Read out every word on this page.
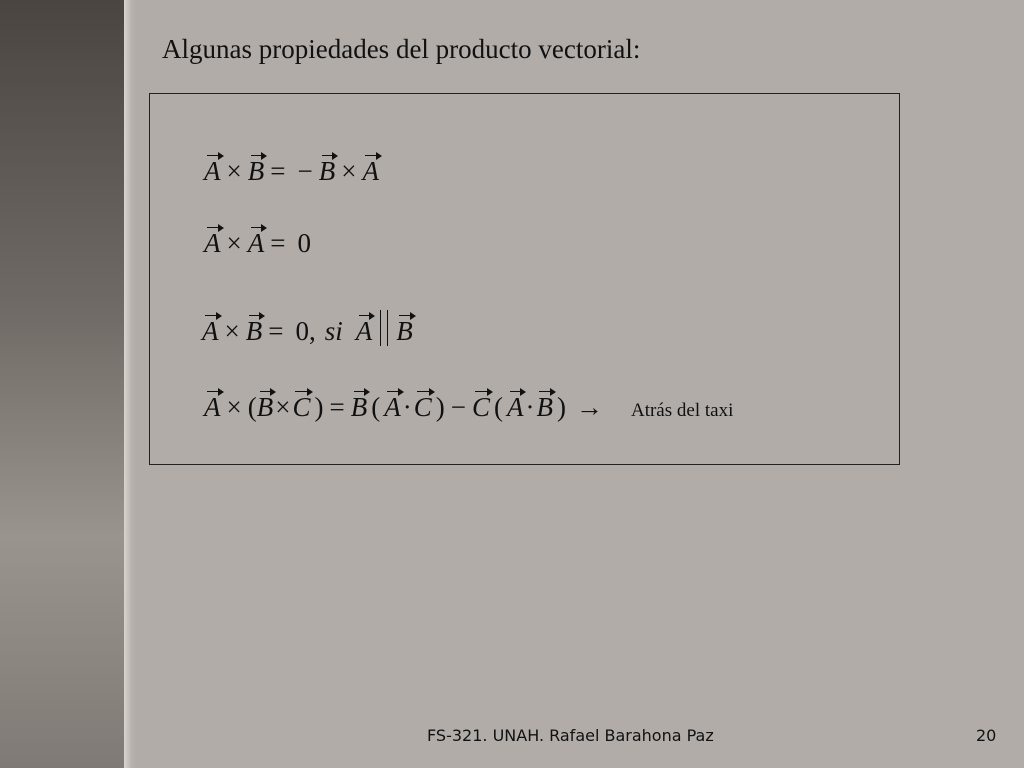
Algunas propiedades del producto vectorial:
A × B = − B × A
A × A = 0
A × B = 0, si A B
A × ( B × C ) = B ( A · C ) − C ( A · B ) → Atrás del taxi
FS-321. UNAH. Rafael Barahona Paz	20
